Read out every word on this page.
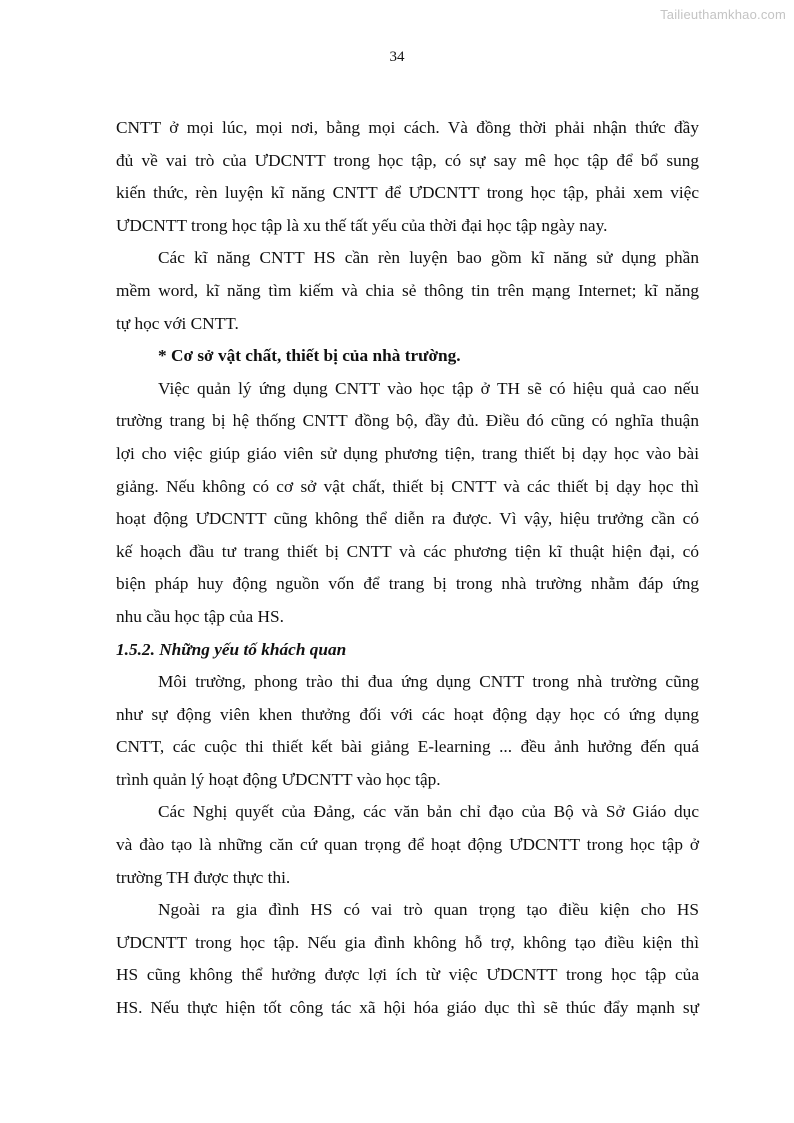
Tailieuthamkhao.com
34
CNTT ở mọi lúc, mọi nơi, bằng mọi cách. Và đồng thời phải nhận thức đầy
đủ về vai trò của ƯDCNTT trong học tập, có sự say mê học tập để bổ sung
kiến thức, rèn luyện kĩ năng CNTT để ƯDCNTT trong học tập, phải xem việc
ƯDCNTT trong học tập là xu thế tất yếu của thời đại học tập ngày nay.
Các kĩ năng CNTT HS cần rèn luyện bao gồm kĩ năng sử dụng phần
mềm word, kĩ năng tìm kiếm và chia sẻ thông tin trên mạng Internet; kĩ năng
tự học với CNTT.
* Cơ sở vật chất, thiết bị của nhà trường.
Việc quản lý ứng dụng CNTT vào học tập ở TH sẽ có hiệu quả cao nếu
trường trang bị hệ thống CNTT đồng bộ, đầy đủ. Điều đó cũng có nghĩa thuận
lợi cho việc giúp giáo viên sử dụng phương tiện, trang thiết bị dạy học vào bài
giảng. Nếu không có cơ sở vật chất, thiết bị CNTT và các thiết bị dạy học thì
hoạt động ƯDCNTT cũng không thể diễn ra được. Vì vậy, hiệu trưởng cần có
kế hoạch đầu tư trang thiết bị CNTT và các phương tiện kĩ thuật hiện đại, có
biện pháp huy động nguồn vốn để trang bị trong nhà trường nhằm đáp ứng
nhu cầu học tập của HS.
1.5.2. Những yếu tố khách quan
Môi trường, phong trào thi đua ứng dụng CNTT trong nhà trường cũng
như sự động viên khen thưởng đối với các hoạt động dạy học có ứng dụng
CNTT, các cuộc thi thiết kết bài giảng E-learning ... đều ảnh hưởng đến quá
trình quản lý hoạt động ƯDCNTT vào học tập.
Các Nghị quyết của Đảng, các văn bản chỉ đạo của Bộ và Sở Giáo dục
và đào tạo là những căn cứ quan trọng để hoạt động ƯDCNTT trong học tập ở
trường TH được thực thi.
Ngoài ra gia đình HS có vai trò quan trọng tạo điều kiện cho HS
ƯDCNTT trong học tập. Nếu gia đình không hỗ trợ, không tạo điều kiện thì
HS cũng không thể hưởng được lợi ích từ việc ƯDCNTT trong học tập của
HS. Nếu thực hiện tốt công tác xã hội hóa giáo dục thì sẽ thúc đẩy mạnh sự
